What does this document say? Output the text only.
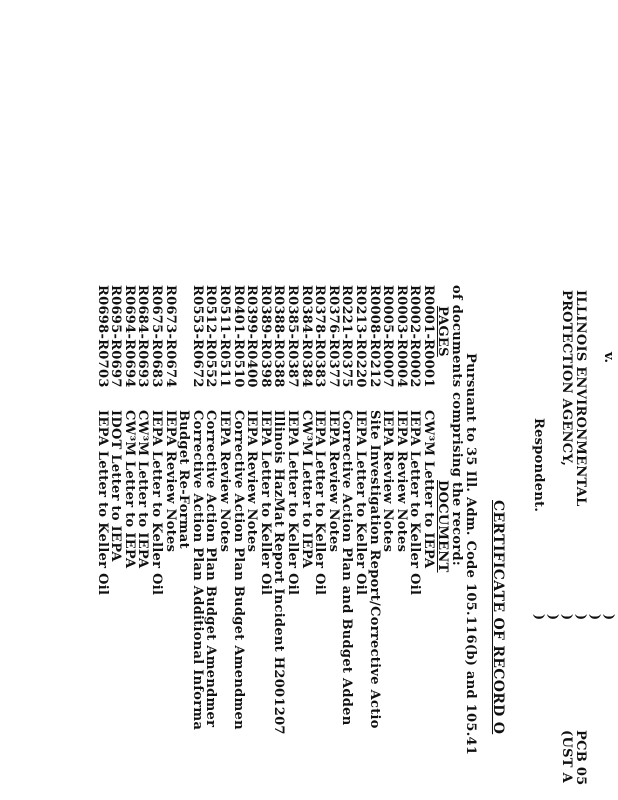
)
)
)
)
)
)
v.
PCB 05
(UST A
ILLINOIS ENVIRONMENTAL
PROTECTION AGENCY,
Respondent.
CERTIFICATE OF RECORD O
Pursuant to 35 Ill. Adm. Code 105.116(b) and 105.41
of documents comprising the record:
PAGES
DOCUMENT
R0001-R0001
CW³M Letter to IEPA
R0002-R0002
IEPA Letter to Keller Oil
R0003-R0004
IEPA Review Notes
R0005-R0007
IEPA Review Notes
R0008-R0212
Site Investigation Report/Corrective Actio
R0213-R0220
IEPA Letter to Keller Oil
R0221-R0375
Corrective Action Plan and Budget Adden
R0376-R0377
IEPA Review Notes
R0378-R0383
IEPA Letter to Keller Oil
R0384-R0384
CW³M Letter to IEPA
R0385-R0387
IEPA Letter to Keller Oil
R0388-R0388
Illinois HazMat Report Incident H2001207
R0389-R0398
IEPA Letter to Keller Oil
R0399-R0400
IEPA Review Notes
R0401-R0510
Corrective Action Plan Budget Amendmen
R0511-R0511
IEPA Review Notes
R0512-R0552
Corrective Action Plan Budget Amendmer
R0553-R0672
Corrective Action Plan Additional Informa
Budget Re-Format
R0673-R0674
IEPA Review Notes
R0675-R0683
IEPA Letter to Keller Oil
R0684-R0693
CW³M Letter to IEPA
R0694-R0694
CW³M Letter to IEPA
R0695-R0697
IDOT Letter to IEPA
R0698-R0703
IEPA Letter to Keller Oil
